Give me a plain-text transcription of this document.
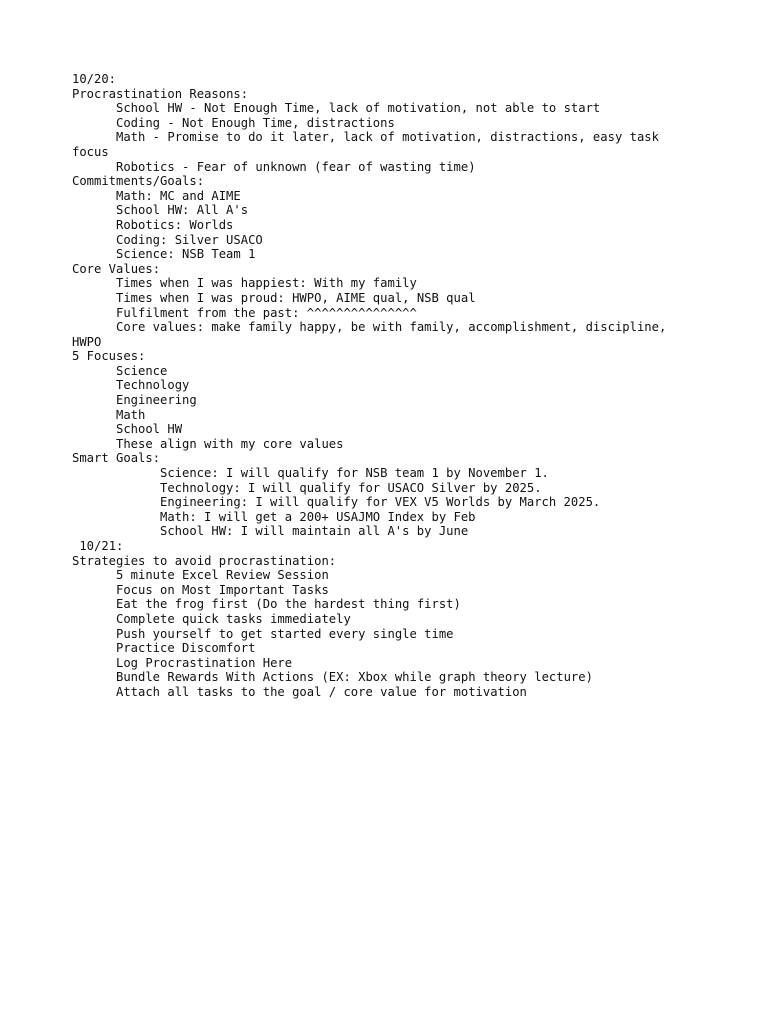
10/20:
Procrastination Reasons:
School HW - Not Enough Time, lack of motivation, not able to start
Coding - Not Enough Time, distractions
Math - Promise to do it later, lack of motivation, distractions, easy task focus
Robotics - Fear of unknown (fear of wasting time)
Commitments/Goals:
Math: MC and AIME
School HW: All A's
Robotics: Worlds
Coding: Silver USACO
Science: NSB Team 1
Core Values:
Times when I was happiest: With my family
Times when I was proud: HWPO, AIME qual, NSB qual
Fulfilment from the past: ^^^^^^^^^^^^^^^
Core values: make family happy, be with family, accomplishment, discipline, HWPO
5 Focuses:
Science
Technology
Engineering
Math
School HW
These align with my core values
Smart Goals:
Science: I will qualify for NSB team 1 by November 1.
Technology: I will qualify for USACO Silver by 2025.
Engineering: I will qualify for VEX V5 Worlds by March 2025.
Math: I will get a 200+ USAJMO Index by Feb
School HW: I will maintain all A's by June
10/21:
Strategies to avoid procrastination:
5 minute Excel Review Session
Focus on Most Important Tasks
Eat the frog first (Do the hardest thing first)
Complete quick tasks immediately
Push yourself to get started every single time
Practice Discomfort
Log Procrastination Here
Bundle Rewards With Actions (EX: Xbox while graph theory lecture)
Attach all tasks to the goal / core value for motivation
